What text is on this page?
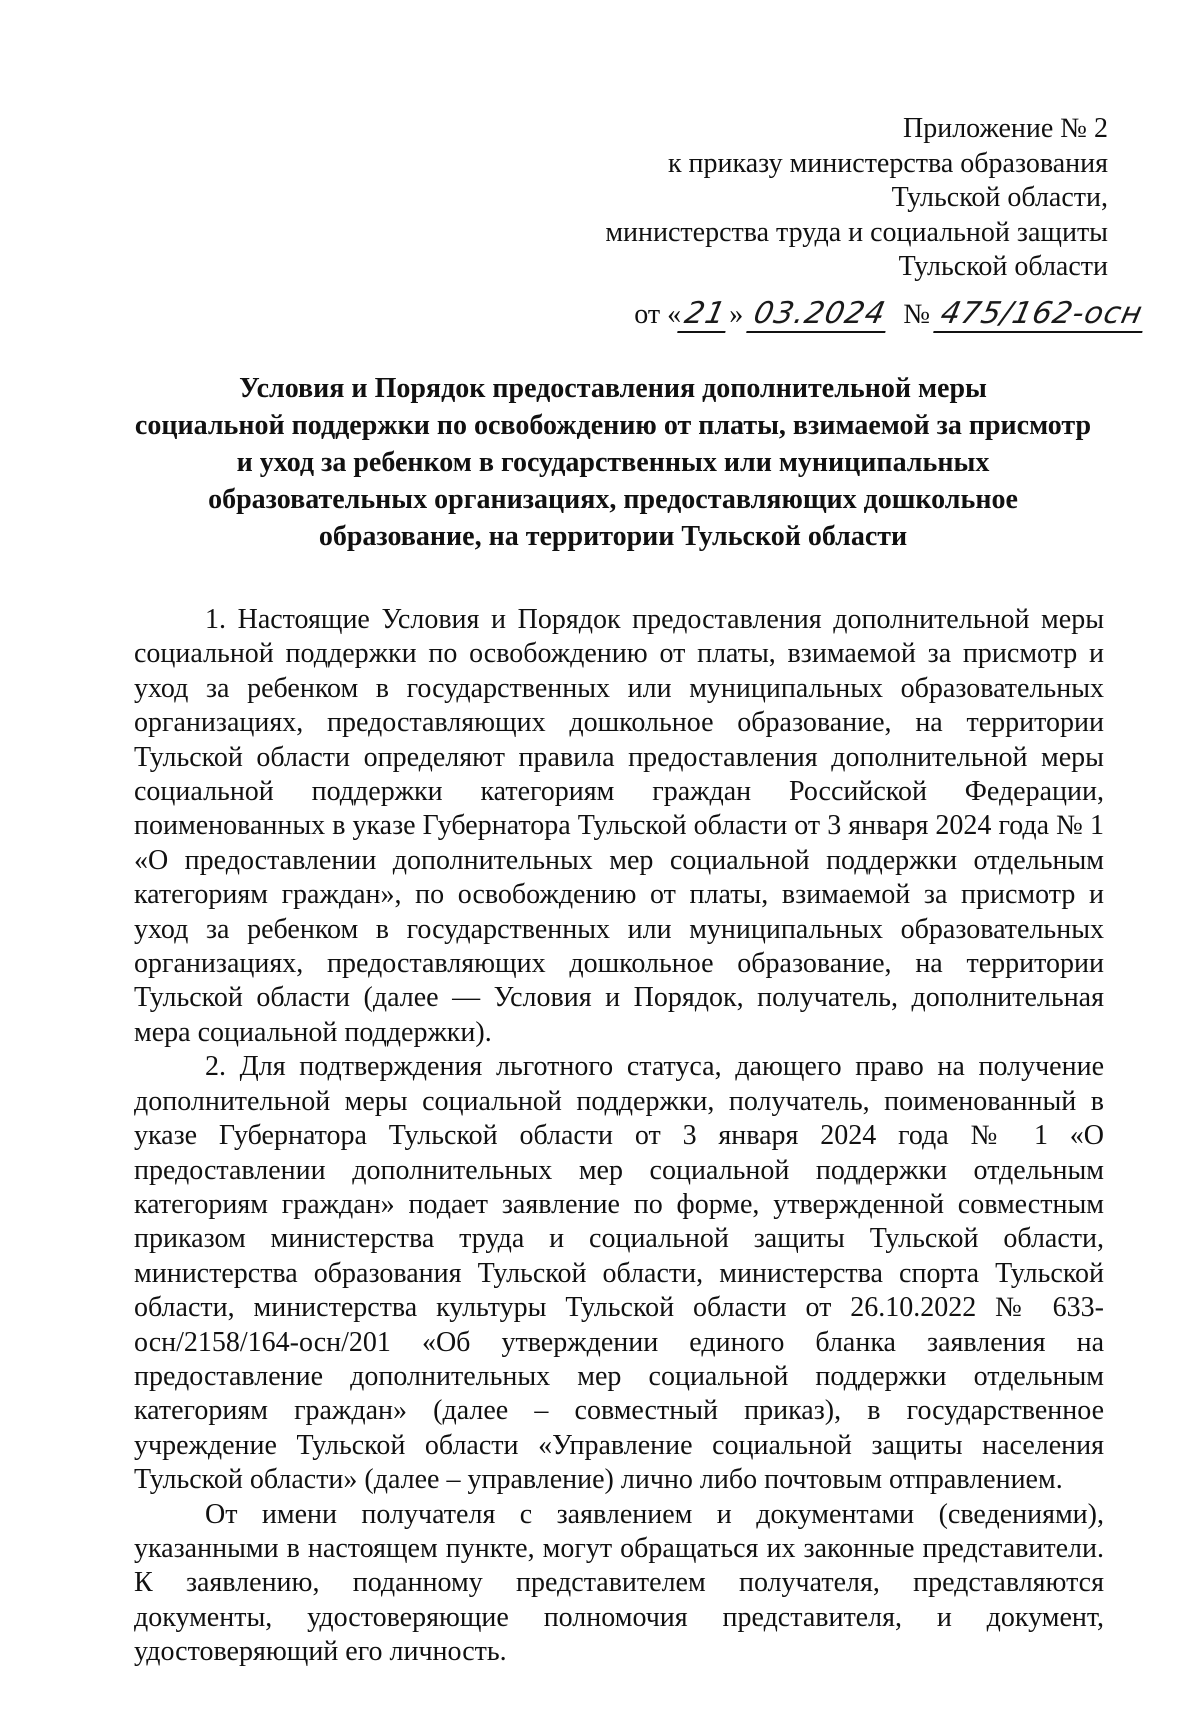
Приложение № 2
к приказу министерства образования
Тульской области,
министерства труда и социальной защиты
Тульской области
от «21» 03.2024 № 475/162-осн
Условия и Порядок предоставления дополнительной меры
социальной поддержки по освобождению от платы, взимаемой за присмотр
и уход за ребенком в государственных или муниципальных
образовательных организациях, предоставляющих дошкольное
образование, на территории Тульской области

1. Настоящие Условия и Порядок предоставления дополнительной меры социальной поддержки по освобождению от платы, взимаемой за присмотр и уход за ребенком в государственных или муниципальных образовательных организациях, предоставляющих дошкольное образование, на территории Тульской области определяют правила предоставления дополнительной меры социальной поддержки категориям граждан Российской Федерации, поименованных в указе Губернатора Тульской области от 3 января 2024 года № 1 «О предоставлении дополнительных мер социальной поддержки отдельным категориям граждан», по освобождению от платы, взимаемой за присмотр и уход за ребенком в государственных или муниципальных образовательных организациях, предоставляющих дошкольное образование, на территории Тульской области (далее — Условия и Порядок, получатель, дополнительная мера социальной поддержки).

2. Для подтверждения льготного статуса, дающего право на получение дополнительной меры социальной поддержки, получатель, поименованный в указе Губернатора Тульской области от 3 января 2024 года № 1 «О предоставлении дополнительных мер социальной поддержки отдельным категориям граждан» подает заявление по форме, утвержденной совместным приказом министерства труда и социальной защиты Тульской области, министерства образования Тульской области, министерства спорта Тульской области, министерства культуры Тульской области от 26.10.2022 № 633-осн/2158/164-осн/201 «Об утверждении единого бланка заявления на предоставление дополнительных мер социальной поддержки отдельным категориям граждан» (далее – совместный приказ), в государственное учреждение Тульской области «Управление социальной защиты населения Тульской области» (далее – управление) лично либо почтовым отправлением.

От имени получателя с заявлением и документами (сведениями), указанными в настоящем пункте, могут обращаться их законные представители. К заявлению, поданному представителем получателя, представляются документы, удостоверяющие полномочия представителя, и документ, удостоверяющий его личность.
